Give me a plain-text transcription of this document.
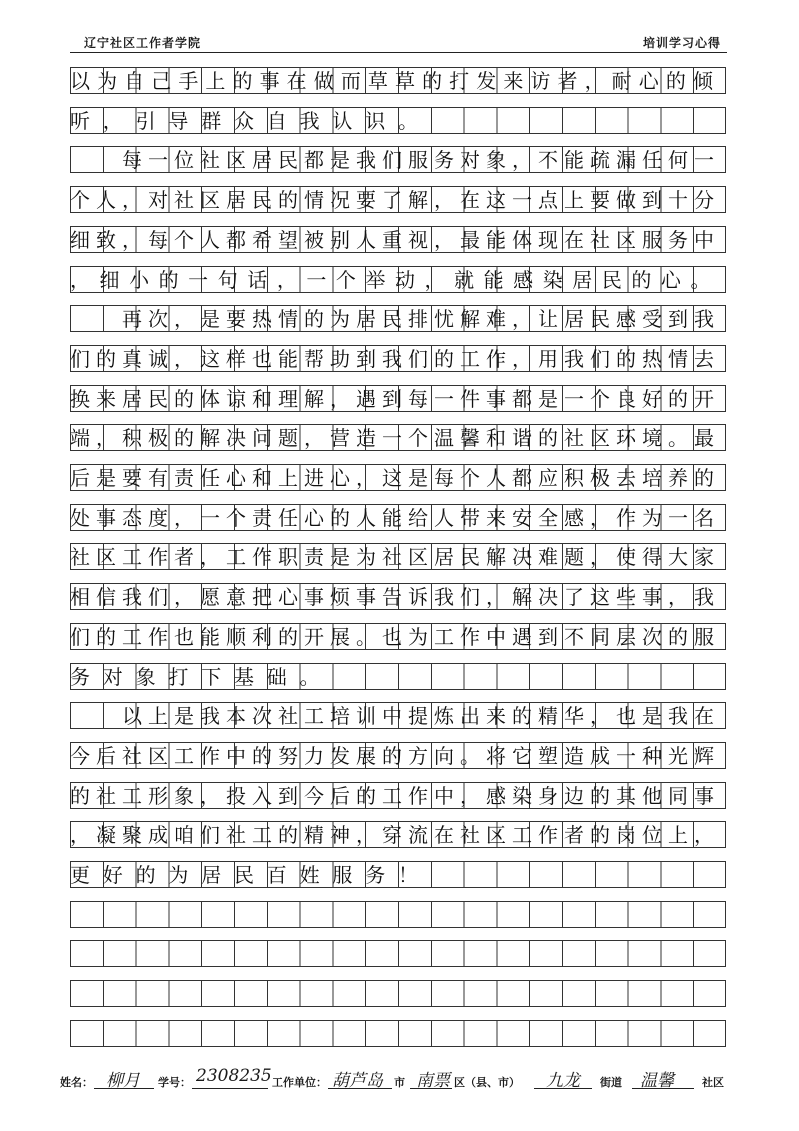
辽宁社区工作者学院	培训学习心得
以为自己手上的事在做而草草的打发来访者，耐心的倾
听，引导群众自我认识。
　　每一位社区居民都是我们服务对象，不能疏漏任何一
个人，对社区居民的情况要了解，在这一点上要做到十分
细致，每个人都希望被别人重视，最能体现在社区服务中
，细小的一句话，一个举动，就能感染居民的心。
　　再次，是要热情的为居民排忧解难，让居民感受到我
们的真诚，这样也能帮助到我们的工作，用我们的热情去
换来居民的体谅和理解，遇到每一件事都是一个良好的开
端，积极的解决问题，营造一个温馨和谐的社区环境。最
后是要有责任心和上进心，这是每个人都应积极去培养的
处事态度，一个责任心的人能给人带来安全感，作为一名
社区工作者，工作职责是为社区居民解决难题，使得大家
相信我们，愿意把心事烦事告诉我们，解决了这些事，我
们的工作也能顺利的开展。也为工作中遇到不同层次的服
务对象打下基础。
　　以上是我本次社工培训中提炼出来的精华，也是我在
今后社区工作中的努力发展的方向。将它塑造成一种光辉
的社工形象，投入到今后的工作中，感染身边的其他同事
，凝聚成咱们社工的精神，穿流在社区工作者的岗位上，
更好的为居民百姓服务！
姓名： 柳月 学号： 2308235 工作单位： 葫芦岛 市 南票 区（县、市） 九龙 街道 温馨	社区
